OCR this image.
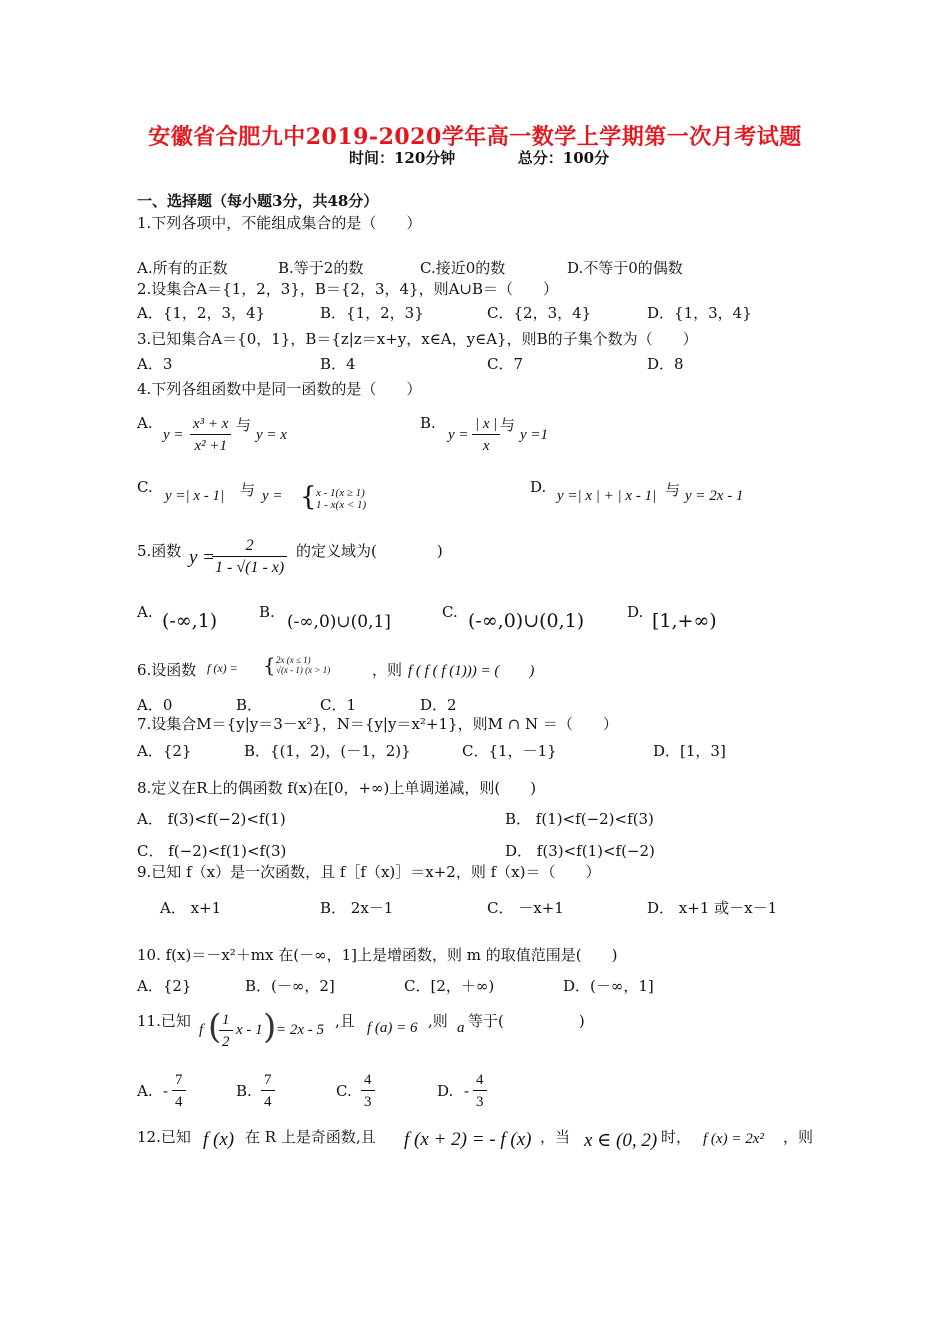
安徽省合肥九中2019-2020学年高一数学上学期第一次月考试题
时间：120分钟	总分：100分
一、选择题（每小题3分，共48分）
1.下列各项中，不能组成集合的是（　　）
A.所有的正数	B.等于2的数	C.接近0的数	D.不等于0的偶数
2.设集合A＝{1，2，3}，B＝{2，3，4}，则A∪B＝（　　）
A．{1，2，3，4}	B．{1，2，3}	C．{2，3，4}	D．{1，3，4}
3.已知集合A＝{0，1}，B＝{z|z＝x+y，x∈A，y∈A}，则B的子集个数为（　　）
A．3	B．4	C．7	D．8
4.下列各组函数中是同一函数的是（　　）
A.
$y = \frac{\text{x³ + x}}{\text{x² +1}}$ 与
y = x
B.
$y = \frac{| x |}{x}$ 与
y =1
C. y =| x - 1| 与 y = { x - 1(x ≥ 1)
1 - x(x < 1)
D. y =| x | + | x - 1| 与 y = 2x - 1
5.函数 y =
$\frac{2}{1 - √(1 - x)}$ 的定义域为(　　　　)
A. (-∞,1)	B. (-∞,0)∪(0,1]	C. (-∞,0)∪(0,1)	D. [1,+∞)
6.设函数 f (x) = { 2x (x ≤ 1)
√(x - 1) (x > 1)	，则 f ( f ( f (1))) = (　　)
A．0	B．	C．1	D．2
7.设集合M＝{y|y＝3－x²}，N＝{y|y＝x²+1}，则M ∩ N ＝（　　）
A．{2}	B．{(1，2)，(－1，2)}	C．{1，－1}	D．[1，3]
8.定义在R上的偶函数 f(x)在[0，+∞)上单调递减，则(　　)
A． f(3)<f(−2)<f(1)	B． f(1)<f(−2)<f(3)
C． f(−2)<f(1)<f(3)	D． f(3)<f(1)<f(−2)
9.已知 f（x）是一次函数，且 f［f（x)］＝x+2，则 f（x)＝（　　）
A． x+1	B． 2x－1	C． －x+1	D． x+1 或－x－1
10. f(x)＝－x²＋mx 在(－∞，1]上是增函数，则 m 的取值范围是(　　)
A．{2}	B．(－∞，2]	C．[2，＋∞)	D．(－∞，1]
11.已知 f (
$\frac{1}{2}$ x - 1 ) = 2x - 5 ,且 f (a) = 6 ,则 a 等于(　　　　　)
A. - $\frac{7}{4}$	B. $\frac{7}{4}$	C. $\frac{4}{3}$	D. - $\frac{4}{3}$
12.已知 f (x) 在 R 上是奇函数,且 f (x + 2) = - f (x) ，当 x ∈ (0, 2) 时， f (x) = 2x² ，则
